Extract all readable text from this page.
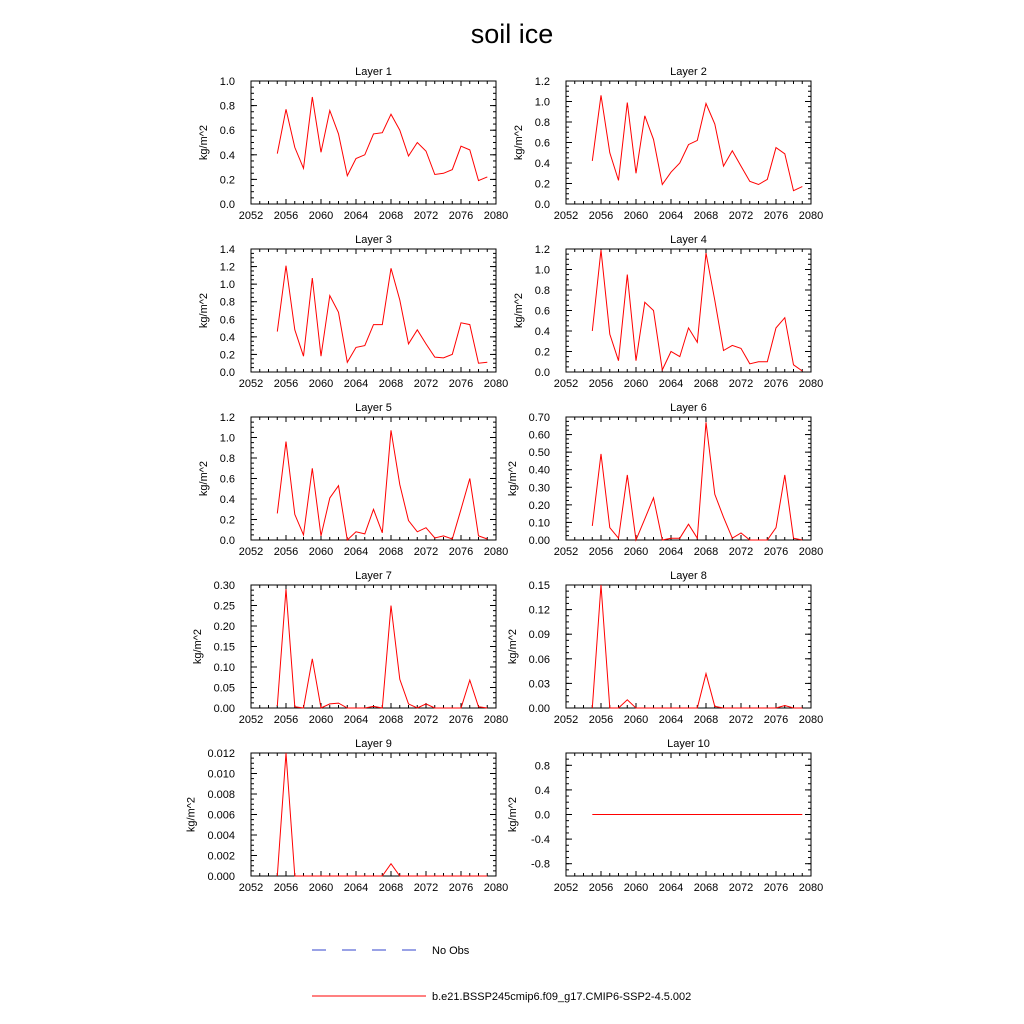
soil ice
Layer 1
2052 2056 2060 2064 2068 2072 2076 2080
0.0
0.2
0.4
0.6
0.8
1.0
kg/m^2
Layer 2
2052 2056 2060 2064 2068 2072 2076 2080
0.0
0.2
0.4
0.6
0.8
1.0
1.2
kg/m^2
Layer 3
2052 2056 2060 2064 2068 2072 2076 2080
0.0
0.2
0.4
0.6
0.8
1.0
1.2
1.4
kg/m^2
Layer 4
2052 2056 2060 2064 2068 2072 2076 2080
0.0
0.2
0.4
0.6
0.8
1.0
1.2
kg/m^2
Layer 5
2052 2056 2060 2064 2068 2072 2076 2080
0.0
0.2
0.4
0.6
0.8
1.0
1.2
kg/m^2
Layer 6
2052 2056 2060 2064 2068 2072 2076 2080
0.00
0.10
0.20
0.30
0.40
0.50
0.60
0.70
kg/m^2
Layer 7
2052 2056 2060 2064 2068 2072 2076 2080
0.00
0.05
0.10
0.15
0.20
0.25
0.30
kg/m^2
Layer 8
2052 2056 2060 2064 2068 2072 2076 2080
0.00
0.03
0.06
0.09
0.12
0.15
kg/m^2
Layer 9
2052 2056 2060 2064 2068 2072 2076 2080
0.000
0.002
0.004
0.006
0.008
0.010
0.012
kg/m^2
Layer 10
2052 2056 2060 2064 2068 2072 2076 2080
-0.8
-0.4
0.0
0.4
0.8
kg/m^2
No Obs
b.e21.BSSP245cmip6.f09_g17.CMIP6-SSP2-4.5.002
